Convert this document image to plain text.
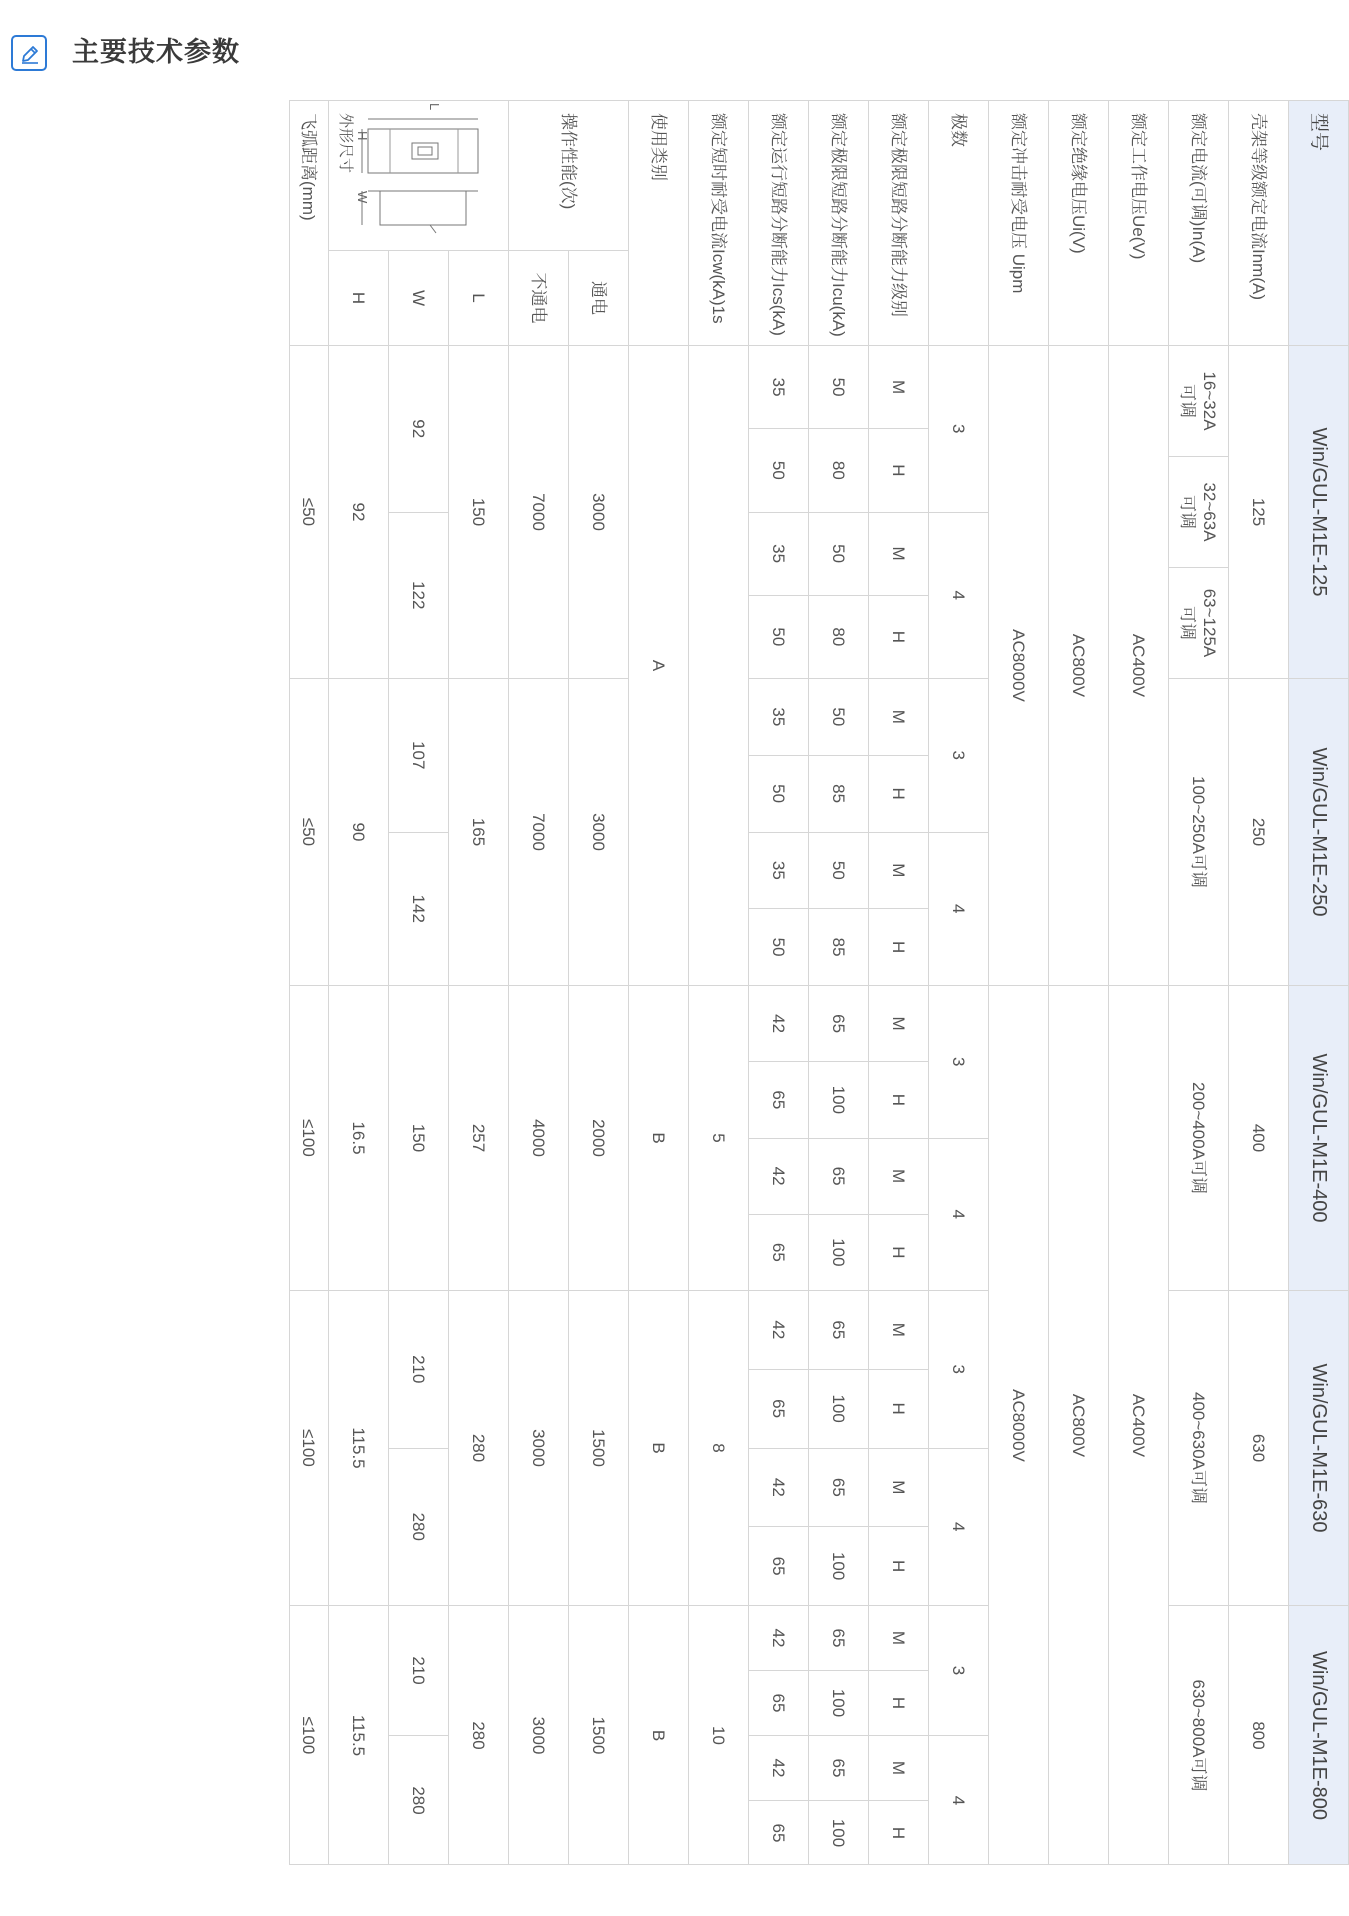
主要技术参数
型号
壳架等级额定电流Inm(A)
额定电流(可调)In(A)
额定工作电压Ue(V)
额定绝缘电压Ui(V)
额定冲击耐受电压 Uipm
极数
额定极限短路分断能力级别
额定极限短路分断能力Icu(kA)
额定运行短路分断能力Ics(kA)
额定短时耐受电流Icw(kA)1s
使用类别
操作性能(次)
通电
不通电
外形尺寸
L
W
H
L
W
H
飞弧距离(mm)
Win/GUL-M1E-125
125
16~32A
可调
32~63A
可调
63~125A
可调
3
4
M
H
M
H
50
80
50
80
35
50
35
50
3000
7000
150
≤50
Win/GUL-M1E-250
250
100~250A可调
3
4
M
H
M
H
50
85
50
85
35
50
35
50
3000
7000
165
≤50
Win/GUL-M1E-400
400
200~400A可调
3
4
M
H
M
H
65
100
65
100
42
65
42
65
2000
4000
257
≤100
Win/GUL-M1E-630
630
400~630A可调
3
4
M
H
M
H
65
100
65
100
42
65
42
65
1500
3000
280
≤100
Win/GUL-M1E-800
800
630~800A可调
3
4
M
H
M
H
65
100
65
100
42
65
42
65
1500
3000
280
≤100
AC400V
AC800V
AC8000V
AC400V
AC800V
AC8000V
5
8
10
A
B
B
B
92
122
107
142
150
210
280
210
280
92
90
16.5
115.5
115.5
